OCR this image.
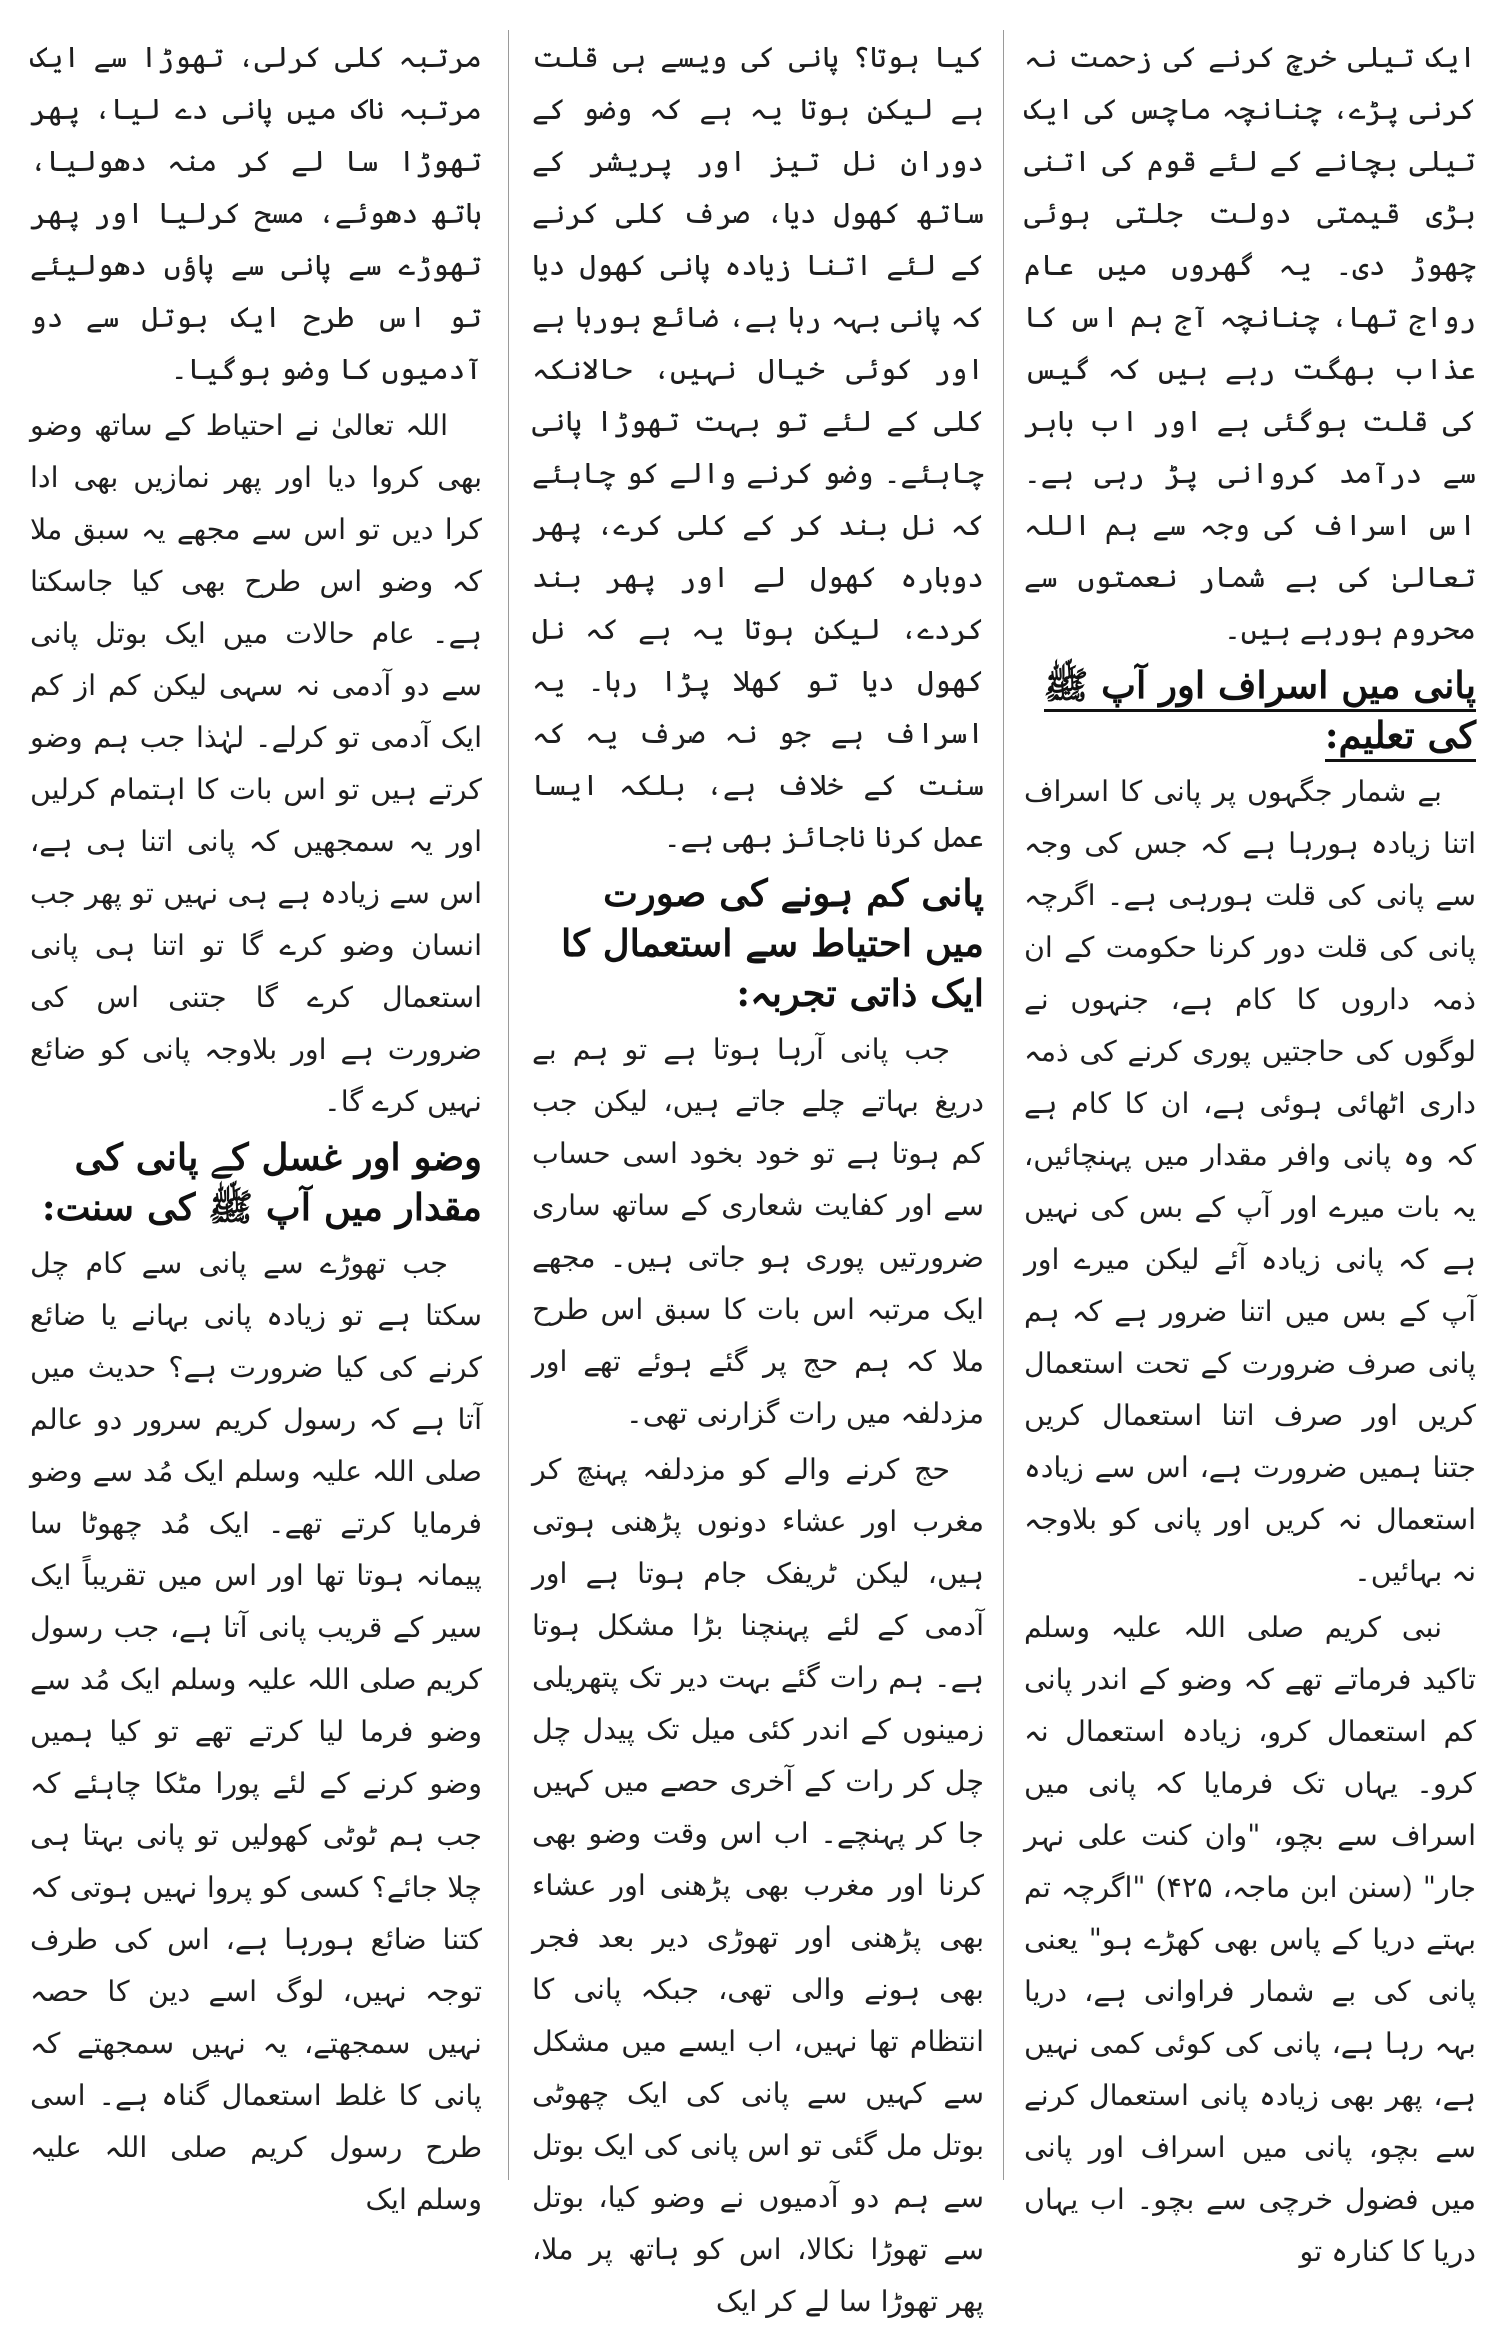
ایک تیلی خرچ کرنے کی زحمت نہ کرنی پڑے، چنانچہ ماچس کی ایک تیلی بچانے کے لئے قوم کی اتنی بڑی قیمتی دولت جلتی ہوئی چھوڑ دی۔ یہ گھروں میں عام رواج تھا، چنانچہ آج ہم اس کا عذاب بھگت رہے ہیں کہ گیس کی قلت ہوگئی ہے اور اب باہر سے درآمد کروانی پڑ رہی ہے۔ اس اسراف کی وجہ سے ہم اللہ تعالیٰ کی بے شمار نعمتوں سے محروم ہورہے ہیں۔

پانی میں اسراف اور آپ ﷺ کی تعلیم:

بے شمار جگہوں پر پانی کا اسراف اتنا زیادہ ہورہا ہے کہ جس کی وجہ سے پانی کی قلت ہورہی ہے۔ اگرچہ پانی کی قلت دور کرنا حکومت کے ان ذمہ داروں کا کام ہے، جنہوں نے لوگوں کی حاجتیں پوری کرنے کی ذمہ داری اٹھائی ہوئی ہے، ان کا کام ہے کہ وہ پانی وافر مقدار میں پہنچائیں، یہ بات میرے اور آپ کے بس کی نہیں ہے کہ پانی زیادہ آئے لیکن میرے اور آپ کے بس میں اتنا ضرور ہے کہ ہم پانی صرف ضرورت کے تحت استعمال کریں اور صرف اتنا استعمال کریں جتنا ہمیں ضرورت ہے، اس سے زیادہ استعمال نہ کریں اور پانی کو بلاوجہ نہ بہائیں۔

نبی کریم صلی اللہ علیہ وسلم تاکید فرماتے تھے کہ وضو کے اندر پانی کم استعمال کرو، زیادہ استعمال نہ کرو۔ یہاں تک فرمایا کہ پانی میں اسراف سے بچو، "وان کنت علی نہر جار" (سنن ابن ماجہ، ۴۲۵) "اگرچہ تم بہتے دریا کے پاس بھی کھڑے ہو" یعنی پانی کی بے شمار فراوانی ہے، دریا بہہ رہا ہے، پانی کی کوئی کمی نہیں ہے، پھر بھی زیادہ پانی استعمال کرنے سے بچو، پانی میں اسراف اور پانی میں فضول خرچی سے بچو۔ اب یہاں دریا کا کنارہ تو

کیا ہوتا؟ پانی کی ویسے ہی قلت ہے لیکن ہوتا یہ ہے کہ وضو کے دوران نل تیز اور پریشر کے ساتھ کھول دیا، صرف کلی کرنے کے لئے اتنا زیادہ پانی کھول دیا کہ پانی بہہ رہا ہے، ضائع ہورہا ہے اور کوئی خیال نہیں، حالانکہ کلی کے لئے تو بہت تھوڑا پانی چاہئے۔ وضو کرنے والے کو چاہئے کہ نل بند کر کے کلی کرے، پھر دوبارہ کھول لے اور پھر بند کردے، لیکن ہوتا یہ ہے کہ نل کھول دیا تو کھلا پڑا رہا۔ یہ اسراف ہے جو نہ صرف یہ کہ سنت کے خلاف ہے، بلکہ ایسا عمل کرنا ناجائز بھی ہے۔

پانی کم ہونے کی صورت میں احتیاط سے استعمال کا ایک ذاتی تجربہ:

جب پانی آرہا ہوتا ہے تو ہم بے دریغ بہاتے چلے جاتے ہیں، لیکن جب کم ہوتا ہے تو خود بخود اسی حساب سے اور کفایت شعاری کے ساتھ ساری ضرورتیں پوری ہو جاتی ہیں۔ مجھے ایک مرتبہ اس بات کا سبق اس طرح ملا کہ ہم حج پر گئے ہوئے تھے اور مزدلفہ میں رات گزارنی تھی۔

حج کرنے والے کو مزدلفہ پہنچ کر مغرب اور عشاء دونوں پڑھنی ہوتی ہیں، لیکن ٹریفک جام ہوتا ہے اور آدمی کے لئے پہنچنا بڑا مشکل ہوتا ہے۔ ہم رات گئے بہت دیر تک پتھریلی زمینوں کے اندر کئی میل تک پیدل چل چل کر رات کے آخری حصے میں کہیں جا کر پہنچے۔ اب اس وقت وضو بھی کرنا اور مغرب بھی پڑھنی اور عشاء بھی پڑھنی اور تھوڑی دیر بعد فجر بھی ہونے والی تھی، جبکہ پانی کا انتظام تھا نہیں، اب ایسے میں مشکل سے کہیں سے پانی کی ایک چھوٹی بوتل مل گئی تو اس پانی کی ایک بوتل سے ہم دو آدمیوں نے وضو کیا، بوتل سے تھوڑا نکالا، اس کو ہاتھ پر ملا، پھر تھوڑا سا لے کر ایک

مرتبہ کلی کرلی، تھوڑا سے ایک مرتبہ ناک میں پانی دے لیا، پھر تھوڑا سا لے کر منہ دھولیا، ہاتھ دھوئے، مسح کرلیا اور پھر تھوڑے سے پانی سے پاؤں دھولیئے تو اس طرح ایک بوتل سے دو آدمیوں کا وضو ہوگیا۔

اللہ تعالیٰ نے احتیاط کے ساتھ وضو بھی کروا دیا اور پھر نمازیں بھی ادا کرا دیں تو اس سے مجھے یہ سبق ملا کہ وضو اس طرح بھی کیا جاسکتا ہے۔ عام حالات میں ایک بوتل پانی سے دو آدمی نہ سہی لیکن کم از کم ایک آدمی تو کرلے۔ لہٰذا جب ہم وضو کرتے ہیں تو اس بات کا اہتمام کرلیں اور یہ سمجھیں کہ پانی اتنا ہی ہے، اس سے زیادہ ہے ہی نہیں تو پھر جب انسان وضو کرے گا تو اتنا ہی پانی استعمال کرے گا جتنی اس کی ضرورت ہے اور بلاوجہ پانی کو ضائع نہیں کرے گا۔

وضو اور غسل کے پانی کی مقدار میں آپ ﷺ کی سنت:

جب تھوڑے سے پانی سے کام چل سکتا ہے تو زیادہ پانی بہانے یا ضائع کرنے کی کیا ضرورت ہے؟ حدیث میں آتا ہے کہ رسول کریم سرور دو عالم صلی اللہ علیہ وسلم ایک مُد سے وضو فرمایا کرتے تھے۔ ایک مُد چھوٹا سا پیمانہ ہوتا تھا اور اس میں تقریباً ایک سیر کے قریب پانی آتا ہے، جب رسول کریم صلی اللہ علیہ وسلم ایک مُد سے وضو فرما لیا کرتے تھے تو کیا ہمیں وضو کرنے کے لئے پورا مٹکا چاہئے کہ جب ہم ٹوٹی کھولیں تو پانی بہتا ہی چلا جائے؟ کسی کو پروا نہیں ہوتی کہ کتنا ضائع ہورہا ہے، اس کی طرف توجہ نہیں، لوگ اسے دین کا حصہ نہیں سمجھتے، یہ نہیں سمجھتے کہ پانی کا غلط استعمال گناہ ہے۔ اسی طرح رسول کریم صلی اللہ علیہ وسلم ایک
